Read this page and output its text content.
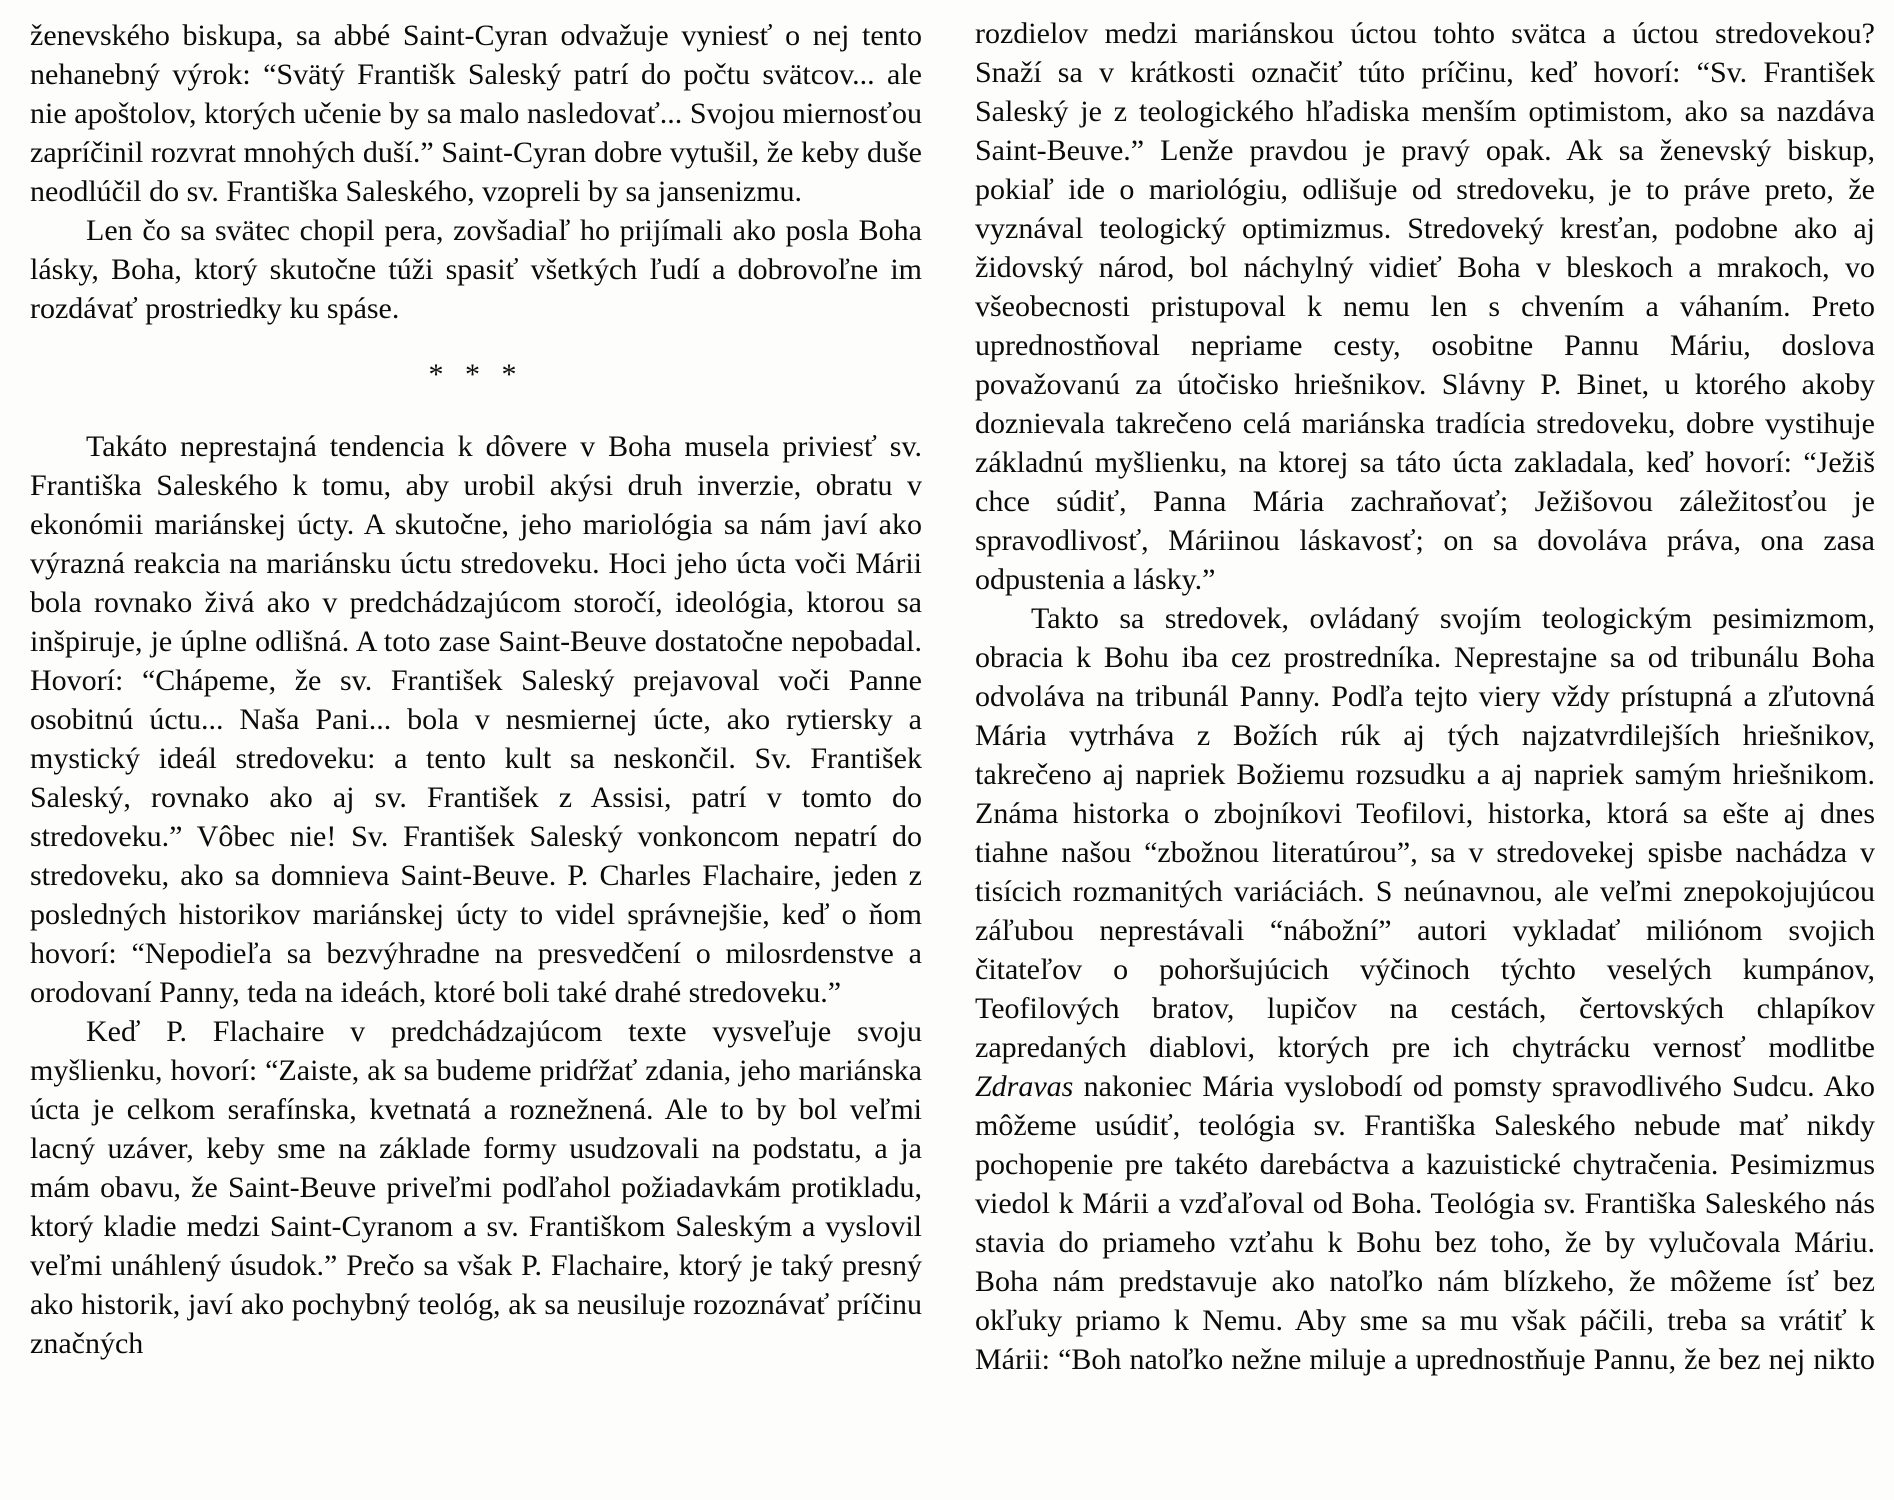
ženevského biskupa, sa abbé Saint-Cyran odvažuje vyniesť o nej tento nehanebný výrok: “Svätý Františk Saleský patrí do počtu svätcov... ale nie apoštolov, ktorých učenie by sa malo nasledovať... Svojou miernosťou zapríčinil rozvrat mnohých duší.” Saint-Cyran dobre vytušil, že keby duše neodlúčil do sv. Františka Saleského, vzopreli by sa jansenizmu.

Len čo sa svätec chopil pera, zovšadiaľ ho prijímali ako posla Boha lásky, Boha, ktorý skutočne túži spasiť všetkých ľudí a dobrovoľne im rozdávať prostriedky ku spáse.

* * *

Takáto neprestajná tendencia k dôvere v Boha musela priviesť sv. Františka Saleského k tomu, aby urobil akýsi druh inverzie, obratu v ekonómii mariánskej úcty. A skutočne, jeho mariológia sa nám javí ako výrazná reakcia na mariánsku úctu stredoveku. Hoci jeho úcta voči Márii bola rovnako živá ako v predchádzajúcom storočí, ideológia, ktorou sa inšpiruje, je úplne odlišná. A toto zase Saint-Beuve dostatočne nepobadal. Hovorí: “Chápeme, že sv. František Saleský prejavoval voči Panne osobitnú úctu... Naša Pani... bola v nesmiernej úcte, ako rytiersky a mystický ideál stredoveku: a tento kult sa neskončil. Sv. František Saleský, rovnako ako aj sv. František z Assisi, patrí v tomto do stredoveku.” Vôbec nie! Sv. František Saleský vonkoncom nepatrí do stredoveku, ako sa domnieva Saint-Beuve. P. Charles Flachaire, jeden z posledných historikov mariánskej úcty to videl správnejšie, keď o ňom hovorí: “Nepodieľa sa bezvýhradne na presvedčení o milosrdenstve a orodovaní Panny, teda na ideách, ktoré boli také drahé stredoveku.”

Keď P. Flachaire v predchádzajúcom texte vysveľuje svoju myšlienku, hovorí: “Zaiste, ak sa budeme pridŕžať zdania, jeho mariánska úcta je celkom serafínska, kvetnatá a roznežnená. Ale to by bol veľmi lacný uzáver, keby sme na základe formy usudzovali na podstatu, a ja mám obavu, že Saint-Beuve priveľmi podľahol požiadavkám protikladu, ktorý kladie medzi Saint-Cyranom a sv. Františkom Saleským a vyslovil veľmi unáhlený úsudok.” Prečo sa však P. Flachaire, ktorý je taký presný ako historik, javí ako pochybný teológ, ak sa neusiluje rozoznávať príčinu značných

rozdielov medzi mariánskou úctou tohto svätca a úctou stredovekou? Snaží sa v krátkosti označiť túto príčinu, keď hovorí: “Sv. František Saleský je z teologického hľadiska menším optimistom, ako sa nazdáva Saint-Beuve.” Lenže pravdou je pravý opak. Ak sa ženevský biskup, pokiaľ ide o mariológiu, odlišuje od stredoveku, je to práve preto, že vyznával teologický optimizmus. Stredoveký kresťan, podobne ako aj židovský národ, bol náchylný vidieť Boha v bleskoch a mrakoch, vo všeobecnosti pristupoval k nemu len s chvením a váhaním. Preto uprednostňoval nepriame cesty, osobitne Pannu Máriu, doslova považovanú za útočisko hriešnikov. Slávny P. Binet, u ktorého akoby doznievala takrečeno celá mariánska tradícia stredoveku, dobre vystihuje základnú myšlienku, na ktorej sa táto úcta zakladala, keď hovorí: “Ježiš chce súdiť, Panna Mária zachraňovať; Ježišovou záležitosťou je spravodlivosť, Máriinou láskavosť; on sa dovoláva práva, ona zasa odpustenia a lásky.”

Takto sa stredovek, ovládaný svojím teologickým pesimizmom, obracia k Bohu iba cez prostredníka. Neprestajne sa od tribunálu Boha odvoláva na tribunál Panny. Podľa tejto viery vždy prístupná a zľutovná Mária vytrháva z Božích rúk aj tých najzatvrdilejších hriešnikov, takrečeno aj napriek Božiemu rozsudku a aj napriek samým hriešnikom. Známa historka o zbojníkovi Teofilovi, historka, ktorá sa ešte aj dnes tiahne našou “zbožnou literatúrou”, sa v stredovekej spisbe nachádza v tisícich rozmanitých variáciách. S neúnavnou, ale veľmi znepokojujúcou záľubou neprestávali “nábožní” autori vykladať miliónom svojich čitateľov o pohoršujúcich výčinoch týchto veselých kumpánov, Teofilových bratov, lupičov na cestách, čertovských chlapíkov zapredaných diablovi, ktorých pre ich chytrácku vernosť modlitbe Zdravas nakoniec Mária vyslobodí od pomsty spravodlivého Sudcu. Ako môžeme usúdiť, teológia sv. Františka Saleského nebude mať nikdy pochopenie pre takéto darebáctva a kazuistické chytračenia. Pesimizmus viedol k Márii a vzďaľoval od Boha. Teológia sv. Františka Saleského nás stavia do priameho vzťahu k Bohu bez toho, že by vylučovala Máriu. Boha nám predstavuje ako natoľko nám blízkeho, že môžeme ísť bez okľuky priamo k Nemu. Aby sme sa mu však páčili, treba sa vrátiť k Márii: “Boh natoľko nežne miluje a uprednostňuje Pannu, že bez nej nikto
